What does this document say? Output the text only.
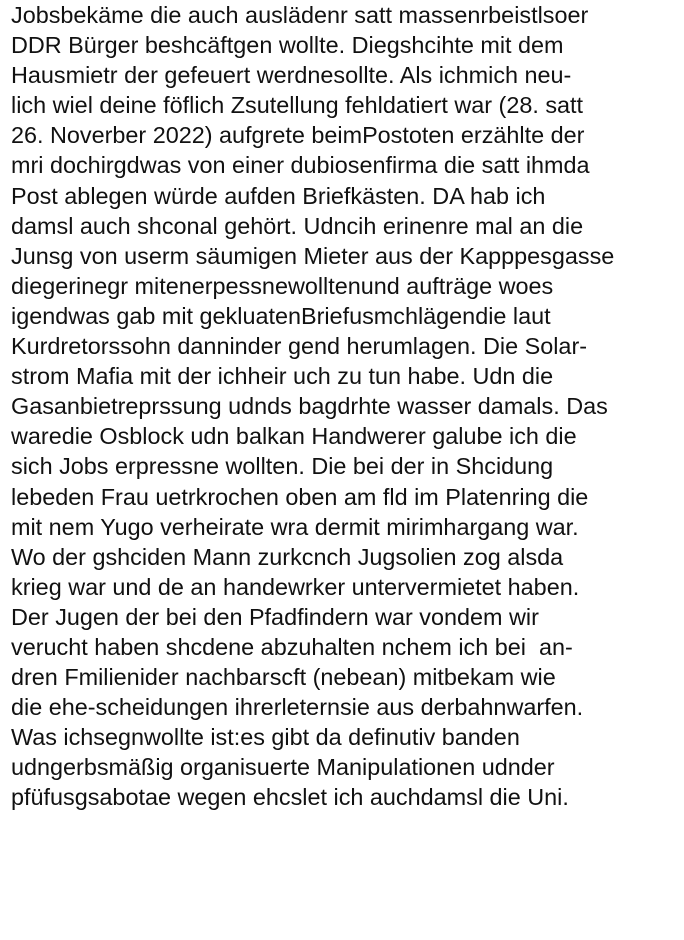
Jobsbekäme die auch auslädenr satt massenrbeistlsoer
DDR Bürger beshcäftgen wollte. Diegshcihte mit dem
Hausmietr der gefeuert werdnesollte. Als ichmich neu-
lich wiel deine föflich Zsutellung fehldatiert war (28. satt
26. Noverber 2022) aufgrete beimPostoten erzählte der
mri dochirgdwas von einer dubiosenfirma die satt ihmda
Post ablegen würde aufden Briefkästen. DA hab ich
damsl auch shconal gehört. Udncih erinenre mal an die
Junsg von userm säumigen Mieter aus der Kapppesgasse
diegerinegr mitenerpessnewolltenund aufträge woes
igendwas gab mit gekluatenBriefusmchlägendie laut
Kurdretorssohn danninder gend herumlagen. Die Solar-
strom Mafia mit der ichheir uch zu tun habe. Udn die
Gasanbietreprssung udnds bagdrhte wasser damals. Das
waredie Osblock udn balkan Handwerer galube ich die
sich Jobs erpressne wollten. Die bei der in Shcidung
lebeden Frau uetrkrochen oben am fld im Platenring die
mit nem Yugo verheirate wra dermit mirimhargang war.
Wo der gshciden Mann zurkcnch Jugsolien zog alsda
krieg war und de an handewrker untervermietet haben.
Der Jugen der bei den Pfadfindern war vondem wir
verucht haben shcdene abzuhalten nchem ich bei  an-
dren Fmilienider nachbarscft (nebean) mitbekam wie
die ehe-scheidungen ihrerleternsie aus derbahnwarfen.
Was ichsegnwollte ist:es gibt da definutiv banden
udngerbsmäßig organisuerte Manipulationen udnder
pfüfusgsabotae wegen ehcslet ich auchdamsl die Uni.
